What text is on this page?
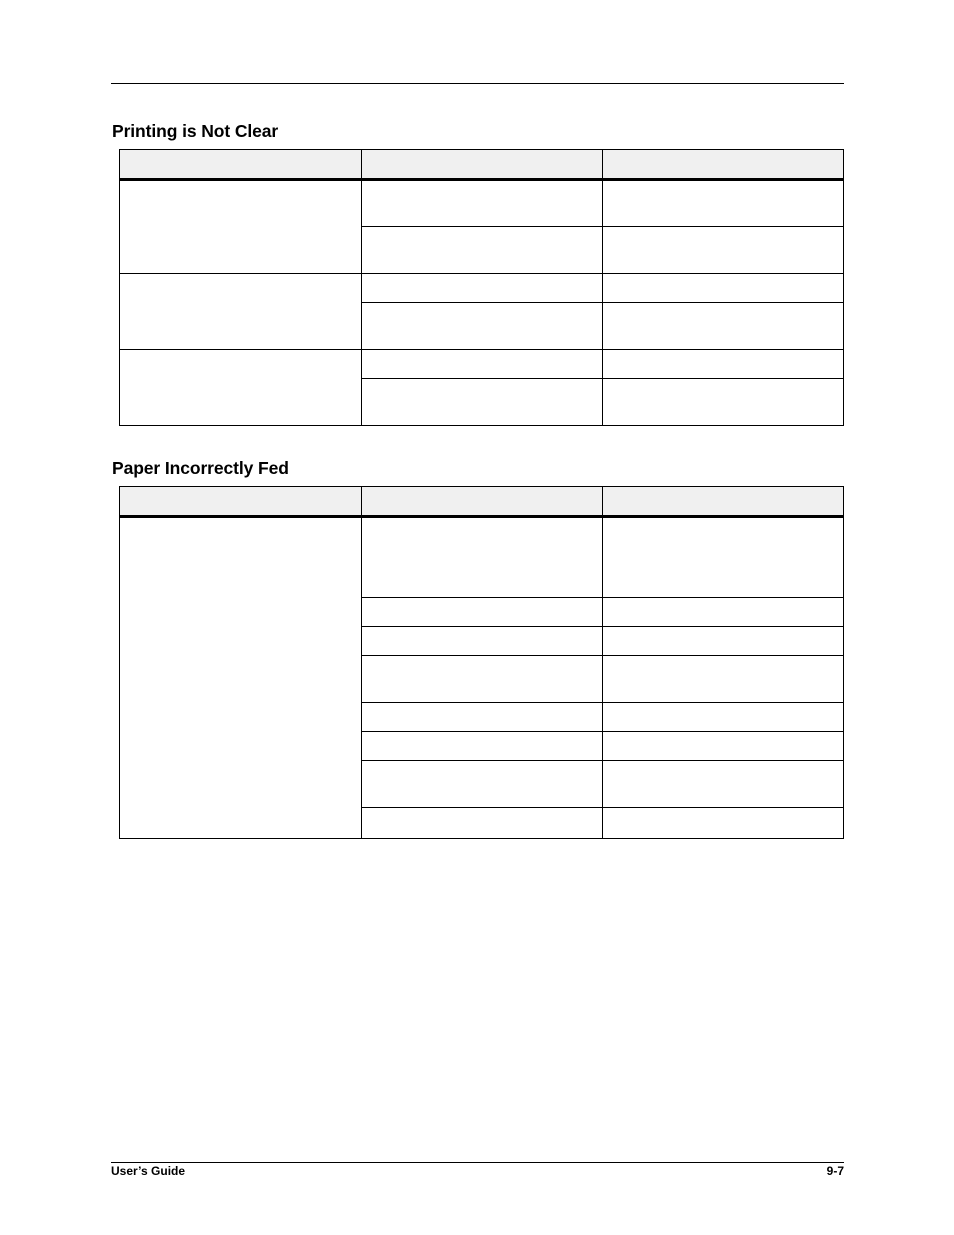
Printing is Not Clear
Paper Incorrectly Fed
User’s Guide	9-7
